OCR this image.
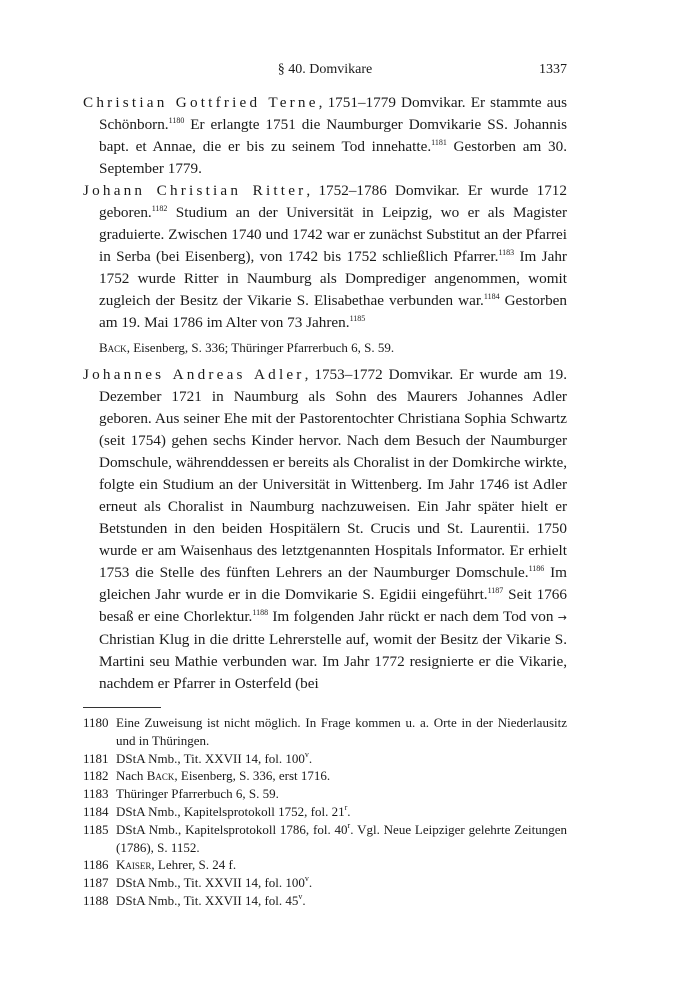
§ 40. Domvikare	1337

Christian Gottfried Terne, 1751–1779 Domvikar. Er stammte aus Schönborn.$^{1180}$ Er erlangte 1751 die Naumburger Domvikarie SS. Johannis bapt. et Annae, die er bis zu seinem Tod innehatte.$^{1181}$ Gestorben am 30. September 1779.

Johann Christian Ritter, 1752–1786 Domvikar. Er wurde 1712 geboren.$^{1182}$ Studium an der Universität in Leipzig, wo er als Magister graduierte. Zwischen 1740 und 1742 war er zunächst Substitut an der Pfarrei in Serba (bei Eisenberg), von 1742 bis 1752 schließlich Pfarrer.$^{1183}$ Im Jahr 1752 wurde Ritter in Naumburg als Domprediger angenommen, womit zugleich der Besitz der Vikarie S. Elisabethae verbunden war.$^{1184}$ Gestorben am 19. Mai 1786 im Alter von 73 Jahren.$^{1185}$

Back, Eisenberg, S. 336; Thüringer Pfarrerbuch 6, S. 59.

Johannes Andreas Adler, 1753–1772 Domvikar. Er wurde am 19. Dezember 1721 in Naumburg als Sohn des Maurers Johannes Adler geboren. Aus seiner Ehe mit der Pastorentochter Christiana Sophia Schwartz (seit 1754) gehen sechs Kinder hervor. Nach dem Besuch der Naumburger Domschule, währenddessen er bereits als Choralist in der Domkirche wirkte, folgte ein Studium an der Universität in Wittenberg. Im Jahr 1746 ist Adler erneut als Choralist in Naumburg nachzuweisen. Ein Jahr später hielt er Betstunden in den beiden Hospitälern St. Crucis und St. Laurentii. 1750 wurde er am Waisenhaus des letztgenannten Hospitals Informator. Er erhielt 1753 die Stelle des fünften Lehrers an der Naumburger Domschule.$^{1186}$ Im gleichen Jahr wurde er in die Domvikarie S. Egidii eingeführt.$^{1187}$ Seit 1766 besaß er eine Chorlektur.$^{1188}$ Im folgenden Jahr rückt er nach dem Tod von → Christian Klug in die dritte Lehrerstelle auf, womit der Besitz der Vikarie S. Martini seu Mathie verbunden war. Im Jahr 1772 resignierte er die Vikarie, nachdem er Pfarrer in Osterfeld (bei

1180 Eine Zuweisung ist nicht möglich. In Frage kommen u. a. Orte in der Niederlausitz und in Thüringen.
1181 DStA Nmb., Tit. XXVII 14, fol. 100$^v$.
1182 Nach Back, Eisenberg, S. 336, erst 1716.
1183 Thüringer Pfarrerbuch 6, S. 59.
1184 DStA Nmb., Kapitelsprotokoll 1752, fol. 21$^r$.
1185 DStA Nmb., Kapitelsprotokoll 1786, fol. 40$^r$. Vgl. Neue Leipziger gelehrte Zeitungen (1786), S. 1152.
1186 Kaiser, Lehrer, S. 24 f.
1187 DStA Nmb., Tit. XXVII 14, fol. 100$^v$.
1188 DStA Nmb., Tit. XXVII 14, fol. 45$^v$.
